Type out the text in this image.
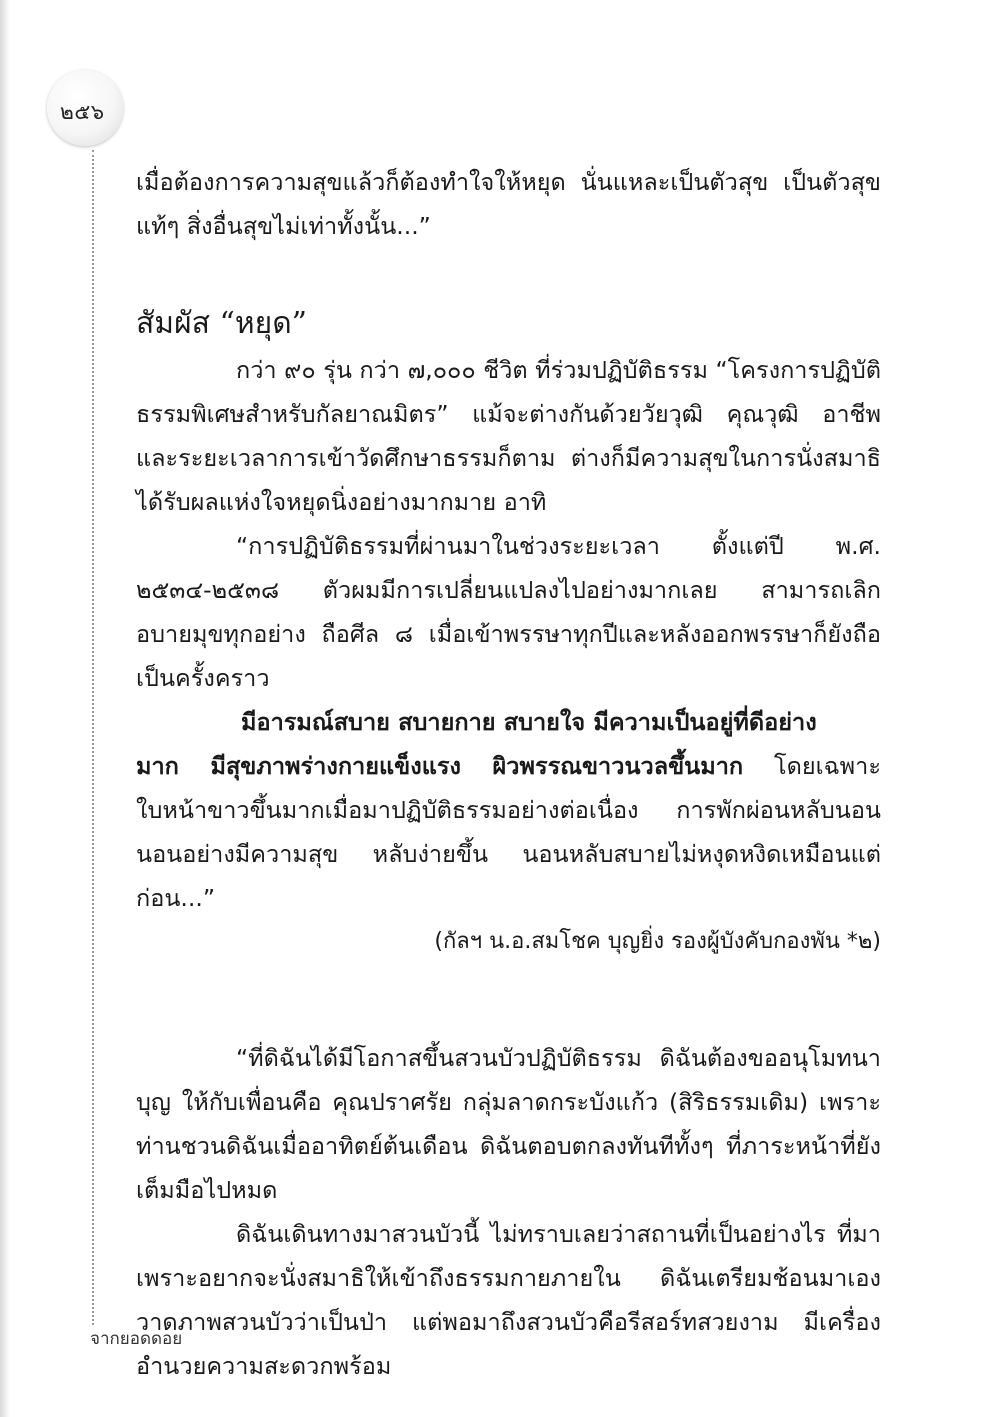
๒๕๖

เมื่อต้องการความสุขแล้วก็ต้องทำใจให้หยุด นั่นแหละเป็นตัวสุข เป็นตัวสุขแท้ๆ สิ่งอื่นสุขไม่เท่าทั้งนั้น...”

สัมผัส “หยุด”

กว่า ๙๐ รุ่น กว่า ๗,๐๐๐ ชีวิต ที่ร่วมปฏิบัติธรรม “โครงการปฏิบัติธรรมพิเศษสำหรับกัลยาณมิตร” แม้จะต่างกันด้วยวัยวุฒิ คุณวุฒิ อาชีพ และระยะเวลาการเข้าวัดศึกษาธรรมก็ตาม ต่างก็มีความสุขในการนั่งสมาธิ ได้รับผลแห่งใจหยุดนิ่งอย่างมากมาย อาทิ

“การปฏิบัติธรรมที่ผ่านมาในช่วงระยะเวลา ตั้งแต่ปี พ.ศ. ๒๕๓๔-๒๕๓๘ ตัวผมมีการเปลี่ยนแปลงไปอย่างมากเลย สามารถเลิกอบายมุขทุกอย่าง ถือศีล ๘ เมื่อเข้าพรรษาทุกปีและหลังออกพรรษาก็ยังถือเป็นครั้งคราว

มีอารมณ์สบาย สบายกาย สบายใจ มีความเป็นอยู่ที่ดีอย่าง

มาก มีสุขภาพร่างกายแข็งแรง ผิวพรรณขาวนวลขึ้นมาก โดยเฉพาะใบหน้าขาวขึ้นมากเมื่อมาปฏิบัติธรรมอย่างต่อเนื่อง การพักผ่อนหลับนอนนอนอย่างมีความสุข หลับง่ายขึ้น นอนหลับสบายไม่หงุดหงิดเหมือนแต่ก่อน...”

(กัลฯ น.อ.สมโชค บุญยิ่ง รองผู้บังคับกองพัน *๒)

“ที่ดิฉันได้มีโอกาสขึ้นสวนบัวปฏิบัติธรรม ดิฉันต้องขออนุโมทนาบุญ ให้กับเพื่อนคือ คุณปราศรัย กลุ่มลาดกระบังแก้ว (สิริธรรมเดิม) เพราะท่านชวนดิฉันเมื่ออาทิตย์ต้นเดือน ดิฉันตอบตกลงทันทีทั้งๆ ที่ภาระหน้าที่ยังเต็มมือไปหมด

ดิฉันเดินทางมาสวนบัวนี้ ไม่ทราบเลยว่าสถานที่เป็นอย่างไร ที่มาเพราะอยากจะนั่งสมาธิให้เข้าถึงธรรมกายภายใน ดิฉันเตรียมช้อนมาเองวาดภาพสวนบัวว่าเป็นป่า แต่พอมาถึงสวนบัวคือรีสอร์ทสวยงาม มีเครื่องอำนวยความสะดวกพร้อม

จากยอดดอย
